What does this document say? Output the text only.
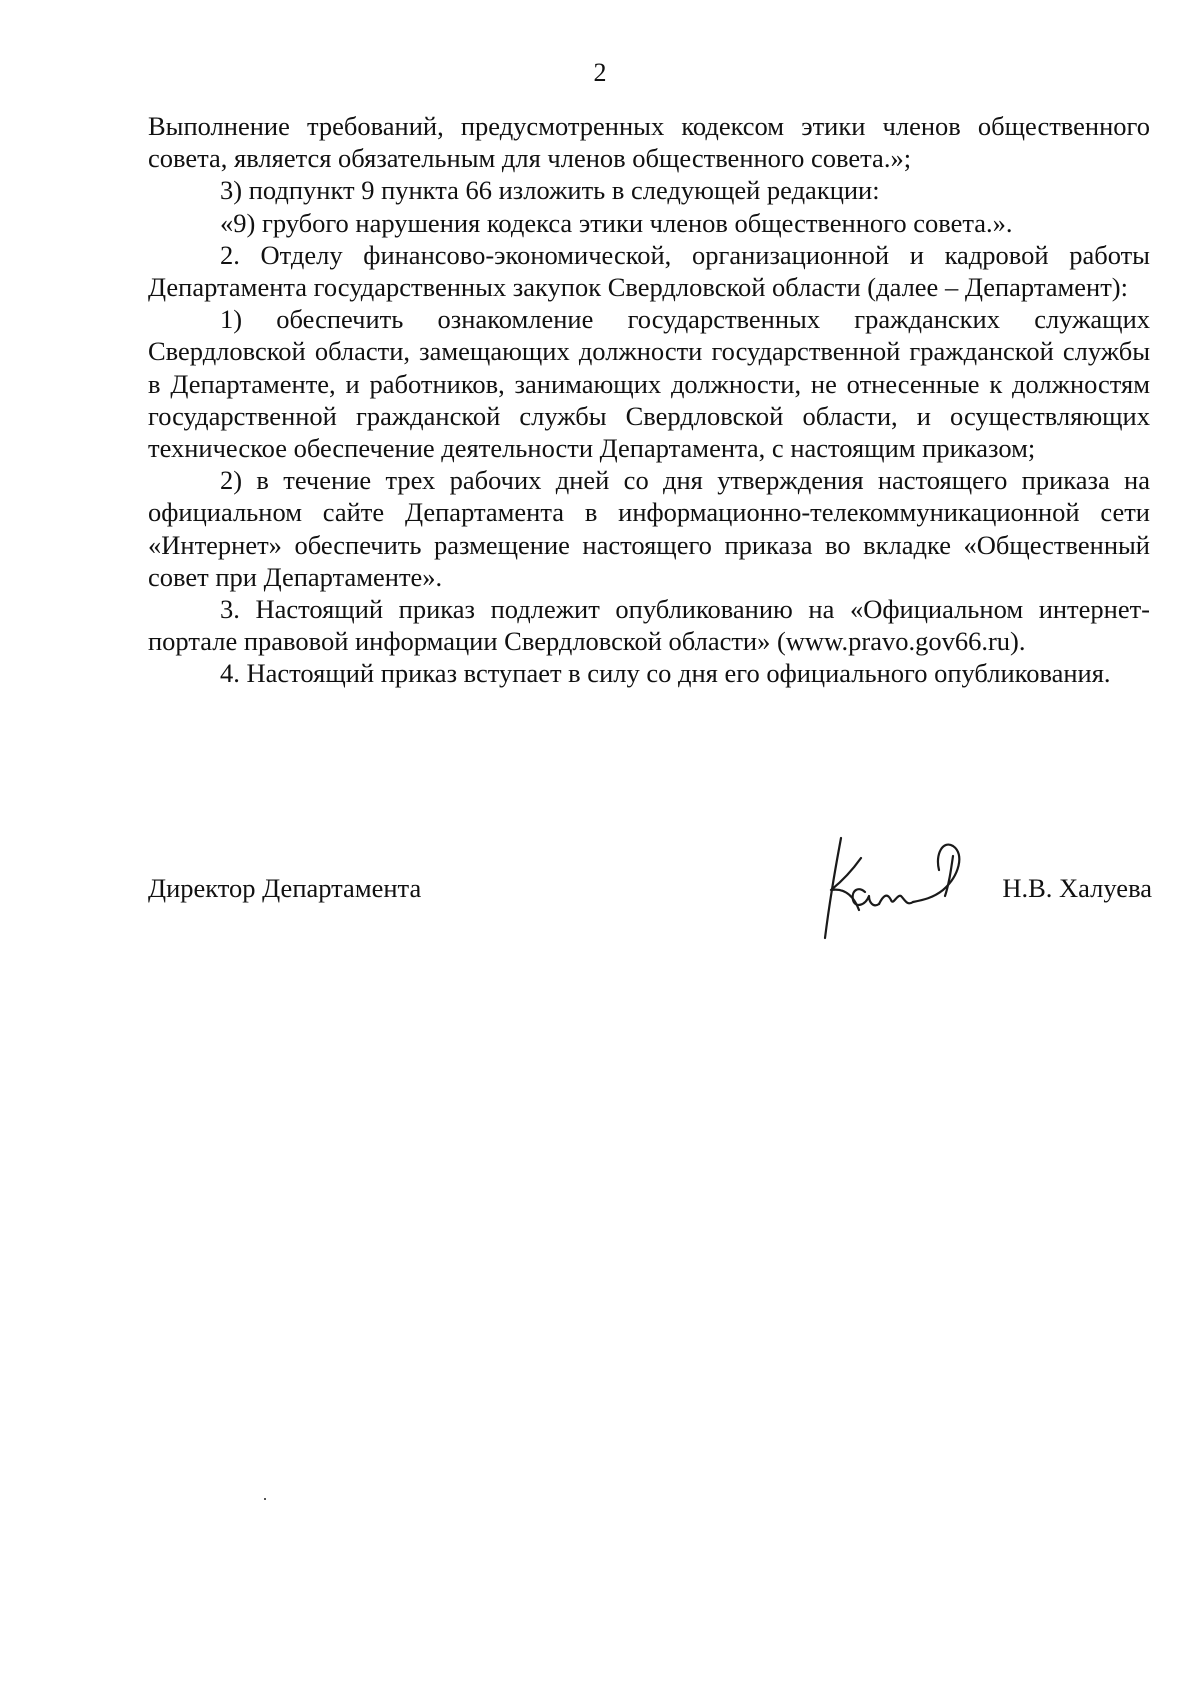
2

Выполнение требований, предусмотренных кодексом этики членов общественного совета, является обязательным для членов общественного совета.»;

3) подпункт 9 пункта 66 изложить в следующей редакции:

«9) грубого нарушения кодекса этики членов общественного совета.».

2. Отделу финансово-экономической, организационной и кадровой работы Департамента государственных закупок Свердловской области (далее – Департамент):

1) обеспечить ознакомление государственных гражданских служащих Свердловской области, замещающих должности государственной гражданской службы в Департаменте, и работников, занимающих должности, не отнесенные к должностям государственной гражданской службы Свердловской области, и осуществляющих техническое обеспечение деятельности Департамента, с настоящим приказом;

2) в течение трех рабочих дней со дня утверждения настоящего приказа на официальном сайте Департамента в информационно-телекоммуникационной сети «Интернет» обеспечить размещение настоящего приказа во вкладке «Общественный совет при Департаменте».

3. Настоящий приказ подлежит опубликованию на «Официальном интернет-портале правовой информации Свердловской области» (www.pravo.gov66.ru).

4. Настоящий приказ вступает в силу со дня его официального опубликования.

Директор Департамента	Н.В. Халуева
